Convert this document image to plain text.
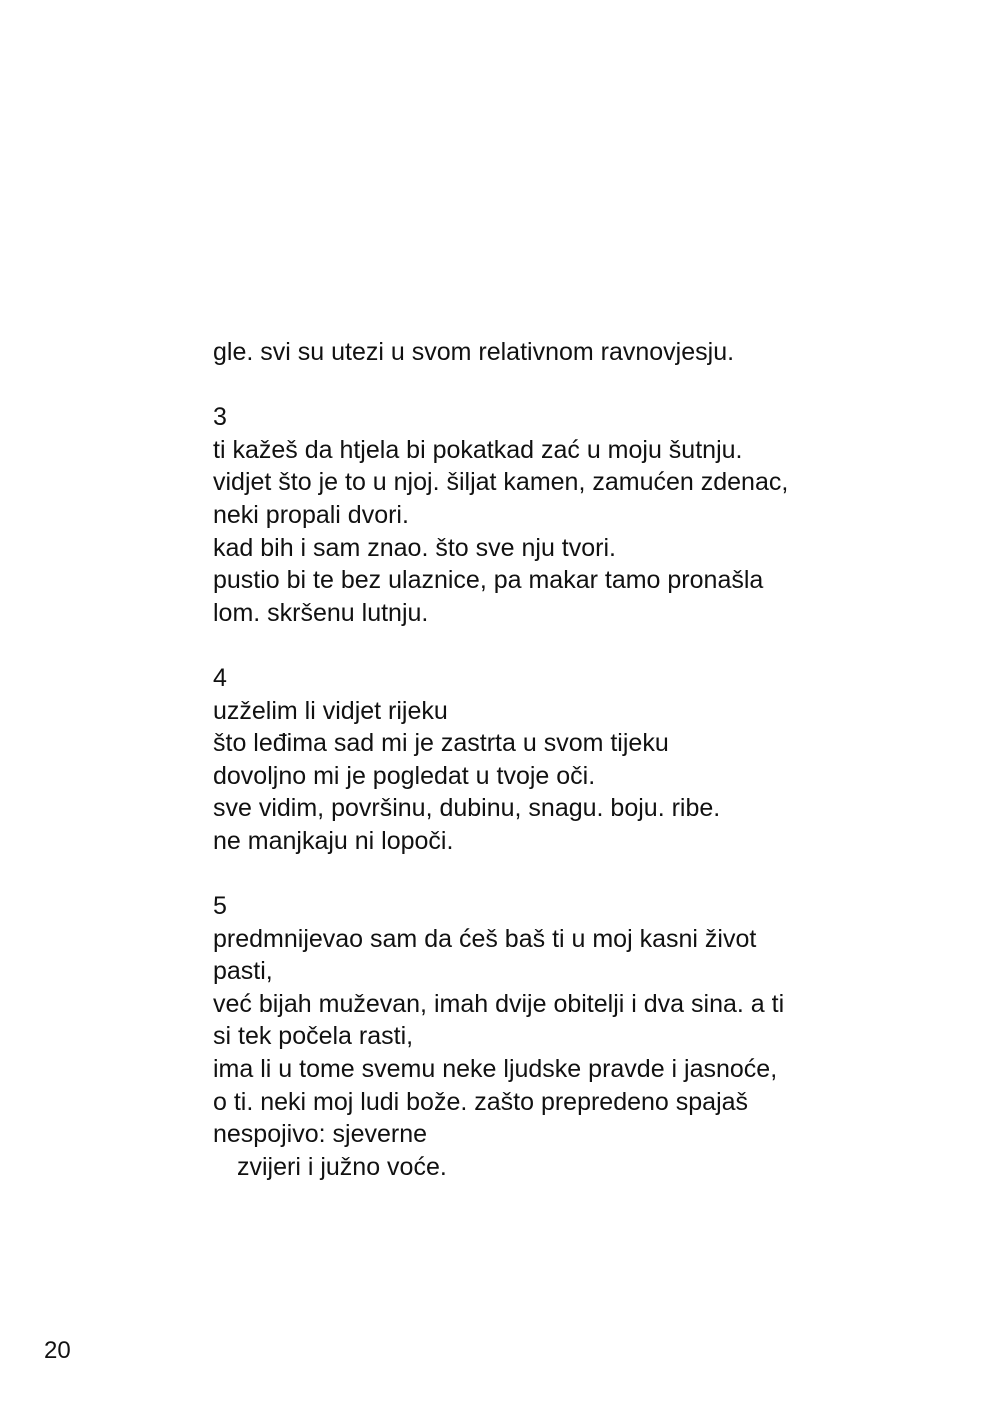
gle. svi su utezi u svom relativnom ravnovjesju.
3
ti kažeš da htjela bi pokatkad zać u moju šutnju.
vidjet što je to u njoj. šiljat kamen, zamućen zdenac,
neki propali dvori.
kad bih i sam znao. što sve nju tvori.
pustio bi te bez ulaznice, pa makar tamo pronašla
lom. skršenu lutnju.
4
uzželim li vidjet rijeku
što leđima sad mi je zastrta u svom tijeku
dovoljno mi je pogledat u tvoje oči.
sve vidim, površinu, dubinu, snagu. boju. ribe.
ne manjkaju ni lopoči.
5
predmnijevao sam da ćeš baš ti u moj kasni život
pasti,
već bijah muževan, imah dvije obitelji i dva sina. a ti
si tek počela rasti,
ima li u tome svemu neke ljudske pravde i jasnoće,
o ti. neki moj ludi bože. zašto prepredeno spajaš
nespojivo: sjeverne
zvijeri i južno voće.
20
